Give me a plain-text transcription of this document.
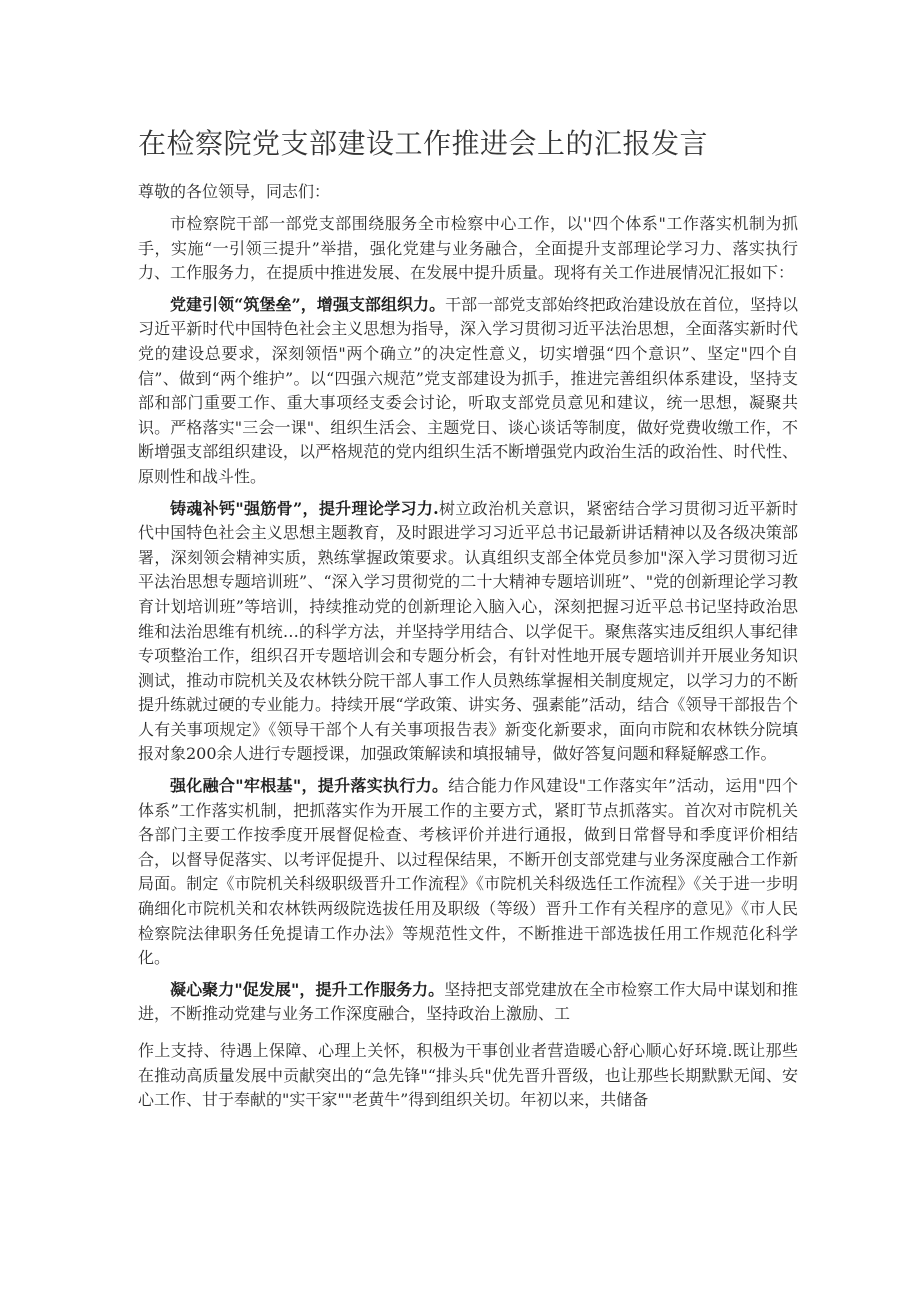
在检察院党支部建设工作推进会上的汇报发言

尊敬的各位领导，同志们：

市检察院干部一部党支部围绕服务全市检察中心工作，以''四个体系"工作落实机制为抓手，实施“一引领三提升”举措，强化党建与业务融合，全面提升支部理论学习力、落实执行力、工作服务力，在提质中推进发展、在发展中提升质量。现将有关工作进展情况汇报如下：

党建引领“筑堡垒”，增强支部组织力。干部一部党支部始终把政治建设放在首位，坚持以习近平新时代中国特色社会主义思想为指导，深入学习贯彻习近平法治思想，全面落实新时代党的建设总要求，深刻领悟"两个确立”的决定性意义，切实增强“四个意识”、坚定"四个自信”、做到“两个维护”。以“四强六规范”党支部建设为抓手，推进完善组织体系建设，坚持支部和部门重要工作、重大事项经支委会讨论，听取支部党员意见和建议，统一思想，凝聚共识。严格落实"三会一课"、组织生活会、主题党日、谈心谈话等制度，做好党费收缴工作，不断增强支部组织建设，以严格规范的党内组织生活不断增强党内政治生活的政治性、时代性、原则性和战斗性。

铸魂补钙"强筋骨”，提升理论学习力.树立政治机关意识，紧密结合学习贯彻习近平新时代中国特色社会主义思想主题教育，及时跟进学习习近平总书记最新讲话精神以及各级决策部署，深刻领会精神实质，熟练掌握政策要求。认真组织支部全体党员参加"深入学习贯彻习近平法治思想专题培训班”、“深入学习贯彻党的二十大精神专题培训班”、"党的创新理论学习教育计划培训班”等培训，持续推动党的创新理论入脑入心，深刻把握习近平总书记坚持政治思维和法治思维有机统…的科学方法，并坚持学用结合、以学促干。聚焦落实违反组织人事纪律专项整治工作，组织召开专题培训会和专题分析会，有针对性地开展专题培训并开展业务知识测试，推动市院机关及农林铁分院干部人事工作人员熟练掌握相关制度规定，以学习力的不断提升练就过硬的专业能力。持续开展“学政策、讲实务、强素能”活动，结合《领导干部报告个人有关事项规定》《领导干部个人有关事项报告表》新变化新要求，面向市院和农林铁分院填报对象200余人进行专题授课，加强政策解读和填报辅导，做好答复问题和释疑解惑工作。

强化融合"牢根基"，提升落实执行力。结合能力作风建设"工作落实年”活动，运用"四个体系”工作落实机制，把抓落实作为开展工作的主要方式，紧盯节点抓落实。首次对市院机关各部门主要工作按季度开展督促检查、考核评价并进行通报，做到日常督导和季度评价相结合，以督导促落实、以考评促提升、以过程保结果，不断开创支部党建与业务深度融合工作新局面。制定《市院机关科级职级晋升工作流程》《市院机关科级选任工作流程》《关于进一步明确细化市院机关和农林铁两级院选拔任用及职级（等级）晋升工作有关程序的意见》《市人民检察院法律职务任免提请工作办法》等规范性文件，不断推进干部选拔任用工作规范化科学化。

凝心聚力"促发展"，提升工作服务力。坚持把支部党建放在全市检察工作大局中谋划和推进，不断推动党建与业务工作深度融合，坚持政治上激励、工

作上支持、待遇上保障、心理上关怀，积极为干事创业者营造暖心舒心顺心好环境.既让那些在推动高质量发展中贡献突出的“急先锋"“排头兵"优先晋升晋级，也让那些长期默默无闻、安心工作、甘于奉献的"实干家""老黄牛”得到组织关切。年初以来，共储备
